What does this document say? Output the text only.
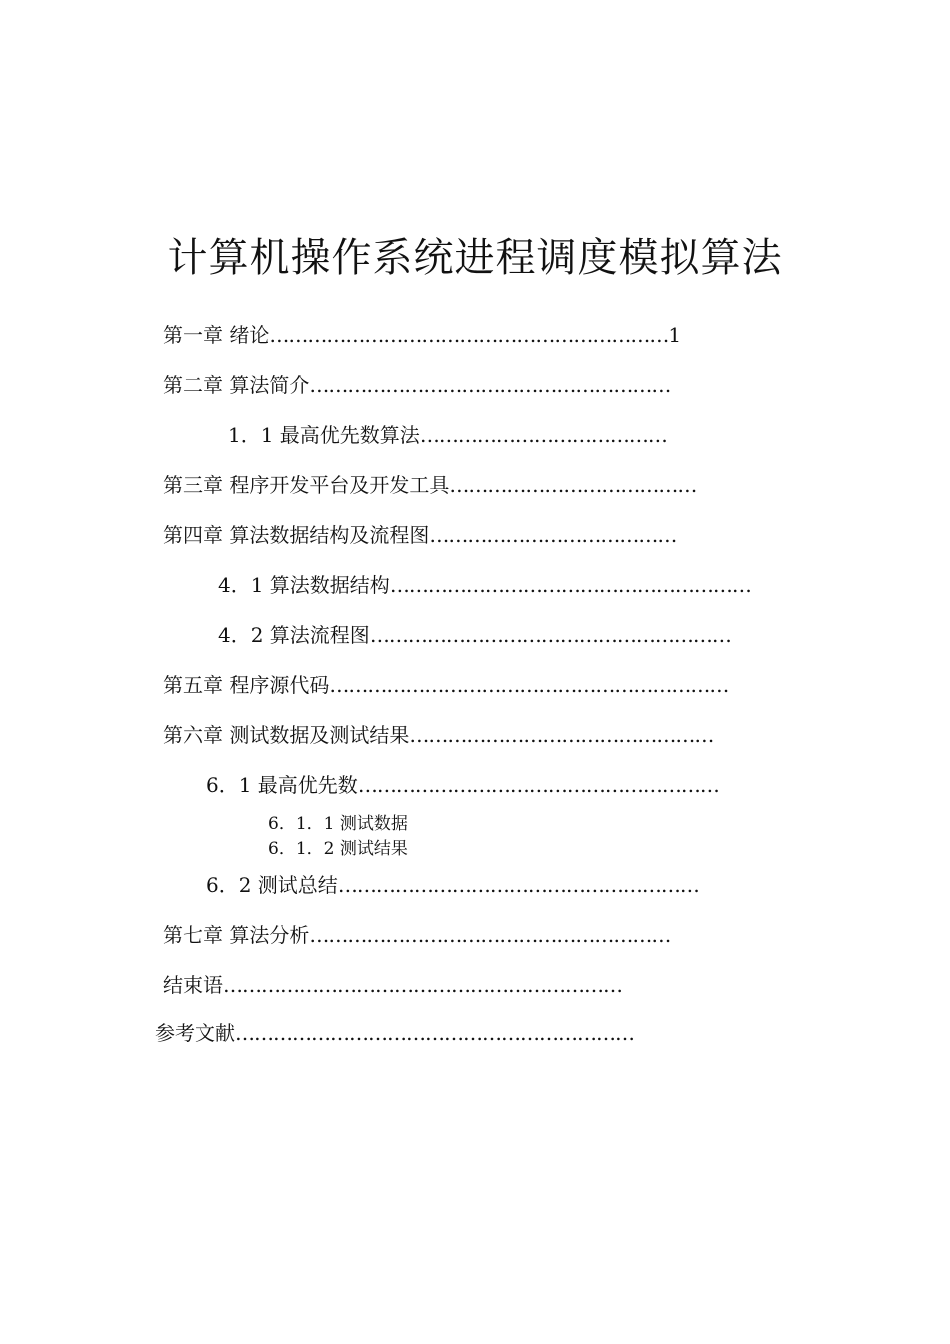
计算机操作系统进程调度模拟算法
第一章 绪论………………………………………………………1
第二章 算法简介…………………………………………………
1．1 最高优先数算法…………………………………
第三章 程序开发平台及开发工具…………………………………
第四章 算法数据结构及流程图…………………………………
4．1 算法数据结构…………………………………………………
4．2 算法流程图…………………………………………………
第五章 程序源代码………………………………………………………
第六章 测试数据及测试结果…………………………………………
6．1 最高优先数…………………………………………………
6．1．1 测试数据
6．1．2 测试结果
6．2 测试总结…………………………………………………
第七章 算法分析…………………………………………………
结束语………………………………………………………
参考文献………………………………………………………
